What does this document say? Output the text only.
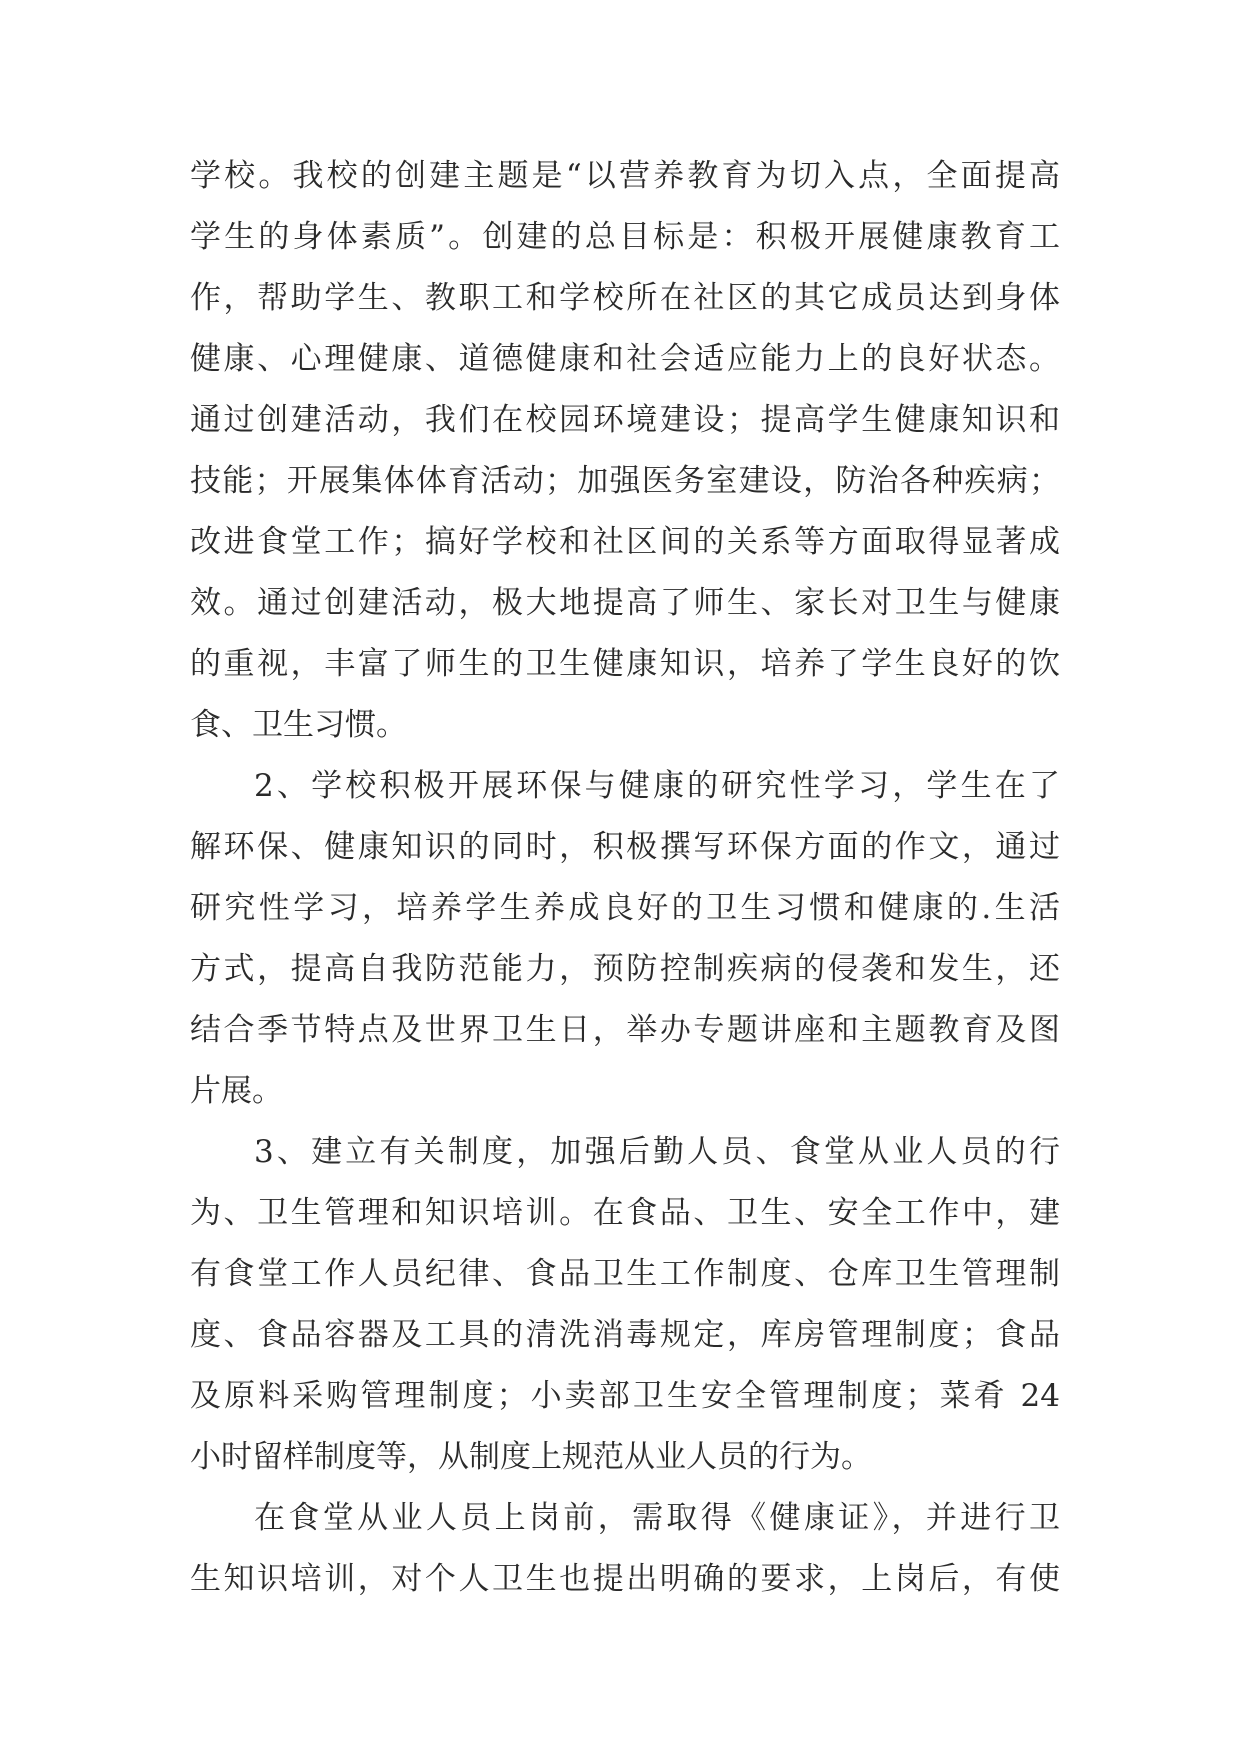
学校。我校的创建主题是“以营养教育为切入点，全面提高
学生的身体素质”。创建的总目标是：积极开展健康教育工
作，帮助学生、教职工和学校所在社区的其它成员达到身体
健康、心理健康、道德健康和社会适应能力上的良好状态。
通过创建活动，我们在校园环境建设；提高学生健康知识和
技能；开展集体体育活动；加强医务室建设，防治各种疾病；
改进食堂工作；搞好学校和社区间的关系等方面取得显著成
效。通过创建活动，极大地提高了师生、家长对卫生与健康
的重视，丰富了师生的卫生健康知识，培养了学生良好的饮
食、卫生习惯。
2、学校积极开展环保与健康的研究性学习，学生在了
解环保、健康知识的同时，积极撰写环保方面的作文，通过
研究性学习，培养学生养成良好的卫生习惯和健康的.生活
方式，提高自我防范能力，预防控制疾病的侵袭和发生，还
结合季节特点及世界卫生日，举办专题讲座和主题教育及图
片展。
3、建立有关制度，加强后勤人员、食堂从业人员的行
为、卫生管理和知识培训。在食品、卫生、安全工作中，建
有食堂工作人员纪律、食品卫生工作制度、仓库卫生管理制
度、食品容器及工具的清洗消毒规定，库房管理制度；食品
及原料采购管理制度；小卖部卫生安全管理制度；菜肴 24
小时留样制度等，从制度上规范从业人员的行为。
在食堂从业人员上岗前，需取得《健康证》，并进行卫
生知识培训，对个人卫生也提出明确的要求，上岗后，有使
